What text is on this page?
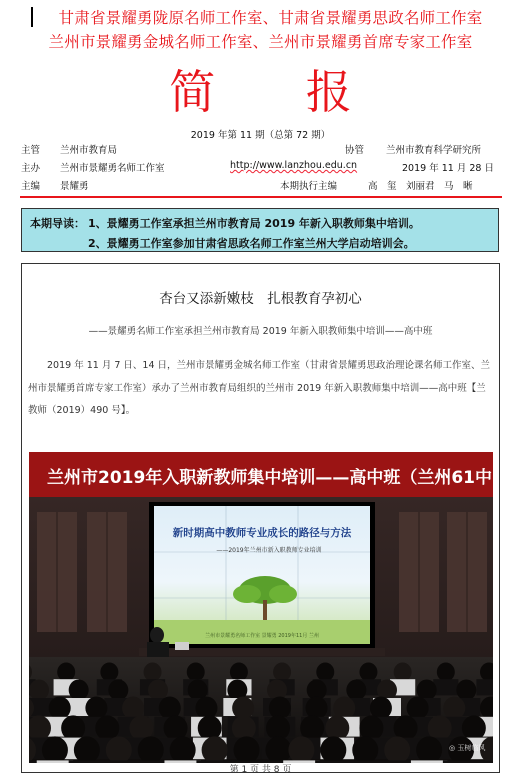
甘肃省景耀勇陇原名师工作室、甘肃省景耀勇思政名师工作室
兰州市景耀勇金城名师工作室、兰州市景耀勇首席专家工作室
简 报
2019 年第 11 期（总第 72 期）
主管 兰州市教育局	协管 兰州市教育科学研究所
主办 兰州市景耀勇名师工作室	http://www.lanzhou.edu.cn	2019 年 11 月 28 日
主编 景耀勇	本期执行主编	高　玺　刘丽君　马　晰
本期导读： 1、景耀勇工作室承担兰州市教育局 2019 年新入职教师集中培训。
2、景耀勇工作室参加甘肃省思政名师工作室兰州大学启动培训会。
杏台又添新嫩枝　扎根教育孕初心
——景耀勇名师工作室承担兰州市教育局 2019 年新入职教师集中培训——高中班
2019 年 11 月 7 日、14 日，兰州市景耀勇金城名师工作室（甘肃省景耀勇思政治理论课名师工作室、兰州市景耀勇首席专家工作室）承办了兰州市教育局组织的兰州市 2019 年新入职教师集中培训——高中班【兰教师（2019）490 号】。
兰州市2019年入职新教师集中培训——高中班（兰州61中
新时期高中教师专业成长的路径与方法
——2019年兰州市新入职教师专业培训
兰州市景耀勇名师工作室 景耀勇 2019年11月 兰州
◎ 玉树临风
第 1 页 共 8 页
